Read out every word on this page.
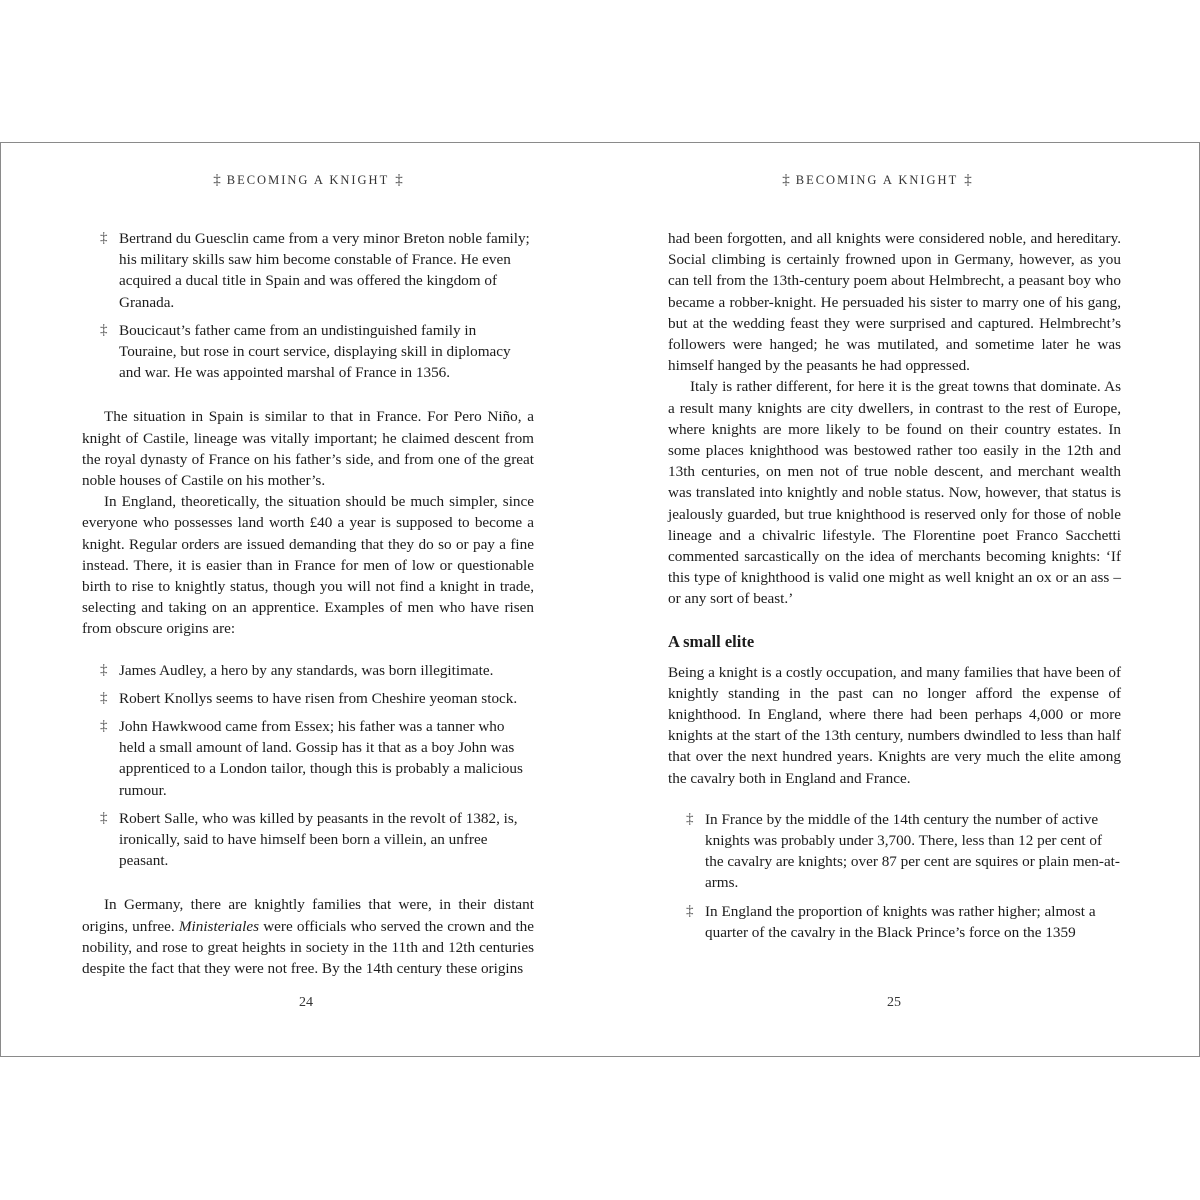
‡ BECOMING A KNIGHT ‡
‡ Bertrand du Guesclin came from a very minor Breton noble family; his military skills saw him become constable of France. He even acquired a ducal title in Spain and was offered the kingdom of Granada.
‡ Boucicaut’s father came from an undistinguished family in Touraine, but rose in court service, displaying skill in diplomacy and war. He was appointed marshal of France in 1356.

The situation in Spain is similar to that in France. For Pero Niño, a knight of Castile, lineage was vitally important; he claimed descent from the royal dynasty of France on his father’s side, and from one of the great noble houses of Castile on his mother’s.

In England, theoretically, the situation should be much simpler, since everyone who possesses land worth £40 a year is supposed to become a knight. Regular orders are issued demanding that they do so or pay a fine instead. There, it is easier than in France for men of low or questionable birth to rise to knightly status, though you will not find a knight in trade, selecting and taking on an apprentice. Examples of men who have risen from obscure origins are:

‡ James Audley, a hero by any standards, was born illegitimate.
‡ Robert Knollys seems to have risen from Cheshire yeoman stock.
‡ John Hawkwood came from Essex; his father was a tanner who held a small amount of land. Gossip has it that as a boy John was apprenticed to a London tailor, though this is probably a malicious rumour.
‡ Robert Salle, who was killed by peasants in the revolt of 1382, is, ironically, said to have himself been born a villein, an unfree peasant.

In Germany, there are knightly families that were, in their distant origins, unfree. Ministeriales were officials who served the crown and the nobility, and rose to great heights in society in the 11th and 12th centuries despite the fact that they were not free. By the 14th century these origins

24
‡ BECOMING A KNIGHT ‡

had been forgotten, and all knights were considered noble, and hereditary. Social climbing is certainly frowned upon in Germany, however, as you can tell from the 13th-century poem about Helmbrecht, a peasant boy who became a robber-knight. He persuaded his sister to marry one of his gang, but at the wedding feast they were surprised and captured. Helmbrecht’s followers were hanged; he was mutilated, and sometime later he was himself hanged by the peasants he had oppressed.

Italy is rather different, for here it is the great towns that dominate. As a result many knights are city dwellers, in contrast to the rest of Europe, where knights are more likely to be found on their country estates. In some places knighthood was bestowed rather too easily in the 12th and 13th centuries, on men not of true noble descent, and merchant wealth was translated into knightly and noble status. Now, however, that status is jealously guarded, but true knighthood is reserved only for those of noble lineage and a chivalric lifestyle. The Florentine poet Franco Sacchetti commented sarcastically on the idea of merchants becoming knights: ‘If this type of knighthood is valid one might as well knight an ox or an ass – or any sort of beast.’

A small elite

Being a knight is a costly occupation, and many families that have been of knightly standing in the past can no longer afford the expense of knighthood. In England, where there had been perhaps 4,000 or more knights at the start of the 13th century, numbers dwindled to less than half that over the next hundred years. Knights are very much the elite among the cavalry both in England and France.

‡ In France by the middle of the 14th century the number of active knights was probably under 3,700. There, less than 12 per cent of the cavalry are knights; over 87 per cent are squires or plain men-at-arms.
‡ In England the proportion of knights was rather higher; almost a quarter of the cavalry in the Black Prince’s force on the 1359
25
